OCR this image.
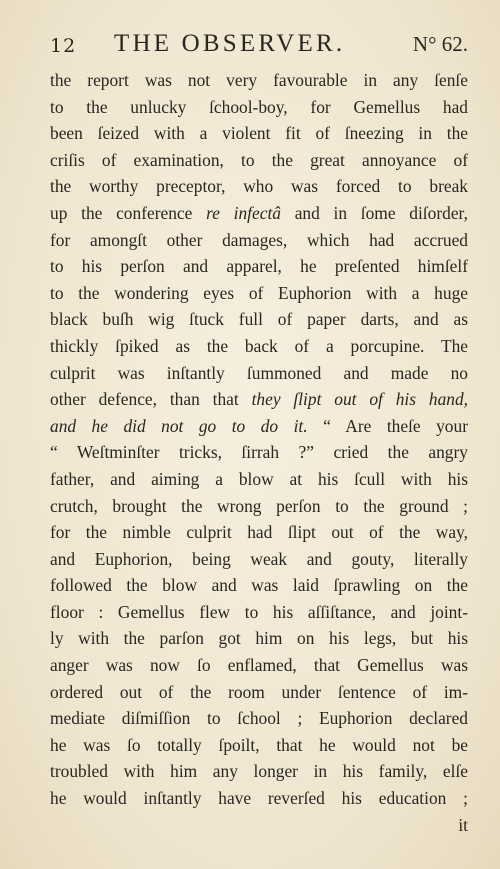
12 THE OBSERVER.	N° 62.
the report was not very favourable in any ſenſe
to the unlucky ſchool-boy, for Gemellus had
been ſeized with a violent fit of ſneezing in the
criſis of examination, to the great annoyance of
the worthy preceptor, who was forced to break
up the conference re infectâ and in ſome diſorder,
for amongſt other damages, which had accrued
to his perſon and apparel, he preſented himſelf
to the wondering eyes of Euphorion with a huge
black buſh wig ſtuck full of paper darts, and as
thickly ſpiked as the back of a porcupine. The
culprit was inſtantly ſummoned and made no
other defence, than that they ſlipt out of his hand,
and he did not go to do it. “ Are theſe your
“ Weſtminſter tricks, ſirrah ?” cried the angry
father, and aiming a blow at his ſcull with his
crutch, brought the wrong perſon to the ground ;
for the nimble culprit had ſlipt out of the way,
and Euphorion, being weak and gouty, literally
followed the blow and was laid ſprawling on the
floor : Gemellus flew to his aſſiſtance, and joint-
ly with the parſon got him on his legs, but his
anger was now ſo enflamed, that Gemellus was
ordered out of the room under ſentence of im-
mediate diſmiſſion to ſchool ; Euphorion declared
he was ſo totally ſpoilt, that he would not be
troubled with him any longer in his family, elſe
he would inſtantly have reverſed his education ;
it
